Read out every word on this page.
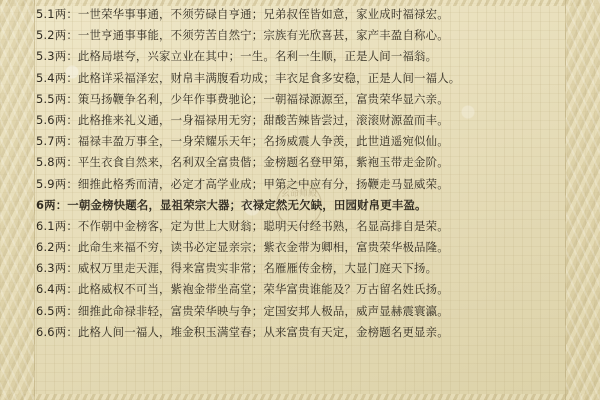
玄命师殿
5.1两 ：一世荣华事事通，不须劳碌自亨通；兄弟叔侄皆如意，家业成时福禄宏。
5.2两 ：一世亨通事事能，不须劳苦自然宁；宗族有光欣喜甚，家产丰盈自称心。
5.3两 ：此格局堪夸，兴家立业在其中；一生。名利一生顺，正是人间一福翁。
5.4两 ：此格详采福泽宏，财帛丰满腹看功成；丰衣足食多安稳，正是人间一福人。
5.5两 ：策马扬鞭争名利，少年作事费驰论；一朝福禄源源至，富贵荣华显六亲。
5.6两 ：此格推来礼义通，一身福禄用无穷；甜酸苦辣皆尝过，滚滚财源盈而丰。
5.7两 ：福禄丰盈万事全，一身荣耀乐天年；名扬威震人争羡，此世逍遥宛似仙。
5.8两 ：平生衣食自然来，名利双全富贵偕；金榜题名登甲第，紫袍玉带走金阶。
5.9两 ：细推此格秀而清，必定才高学业成；甲第之中应有分，扬鞭走马显威荣。
6两 ：一朝金榜快题名，显祖荣宗大器；衣禄定然无欠缺，田园财帛更丰盈。
6.1两 ：不作朝中金榜客，定为世上大财翁；聪明天付经书熟，名显高排自是荣。
6.2两 ：此命生来福不穷，读书必定显亲宗；紫衣金带为卿相，富贵荣华极品隆。
6.3两 ：威权万里走天涯，得来富贵实非常；名雁雁传金榜，大显门庭天下扬。
6.4两 ：此格威权不可当，紫袍金带坐高堂；荣华富贵谁能及？万古留名姓氏扬。
6.5两 ：细推此命禄非轻，富贵荣华映与争；定国安邦人极品，威声显赫震寰瀛。
6.6两 ：此格人间一福人，堆金积玉满堂春；从来富贵有天定，金榜题名更显亲。
